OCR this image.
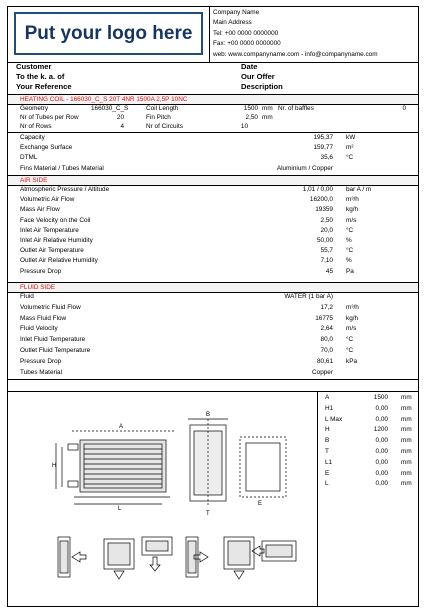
Put your logo here
Company Name
Main Address
Tel: +00 0000 0000000
Fax: +00 0000 0000000
web: www.companyname.com - info@companyname.com
Customer
To the k. a. of
Your Reference
Date
Our Offer
Description
HEATING COIL - 166030_C_S 20T 4NR 1500A 2,5P 10NC
Geometry	166030_C_S	Coil Length	1500 mm Nr. of baffles	0
Nr of Tubes per Row	20	Fin Pitch	2,50 mm
Nr of Rows	4	Nr of Circuits	10
Capacity	195,37 kW
Exchange Surface	159,77 m²
DTML	35,6 °C
Fins Material / Tubes Material	Aluminium / Copper
AIR SIDE
Atmospheric Pressure / Altitude	1,01 / 0,00 bar A / m
Volumetric Air Flow	16200,0 m³/h
Mass Air Flow	19359 kg/h
Face Velocity on the Coil	2,50 m/s
Inlet Air Temperature	20,0 °C
Inlet Air Relative Humidity	50,00 %
Outlet Air Temperature	55,7 °C
Outlet Air Relative Humidity	7,10 %
Pressure Drop	45 Pa
FLUID SIDE
Fluid	WATER (1 bar A)
Volumetric Fluid Flow	17,2 m³/h
Mass Fluid Flow	16775 kg/h
Fluid Velocity	2,64 m/s
Inlet Fluid Temperature	80,0 °C
Outlet Fluid Temperature	70,0 °C
Pressure Drop	80,61 kPa
Tubes Material	Copper
A
L
H
E
B
T
A	1500 mm
H1	0,00 mm
L Max	0,00 mm
H	1200 mm
B	0,00 mm
T	0,00 mm
L1	0,00 mm
E	0,00 mm
L	0,00 mm
